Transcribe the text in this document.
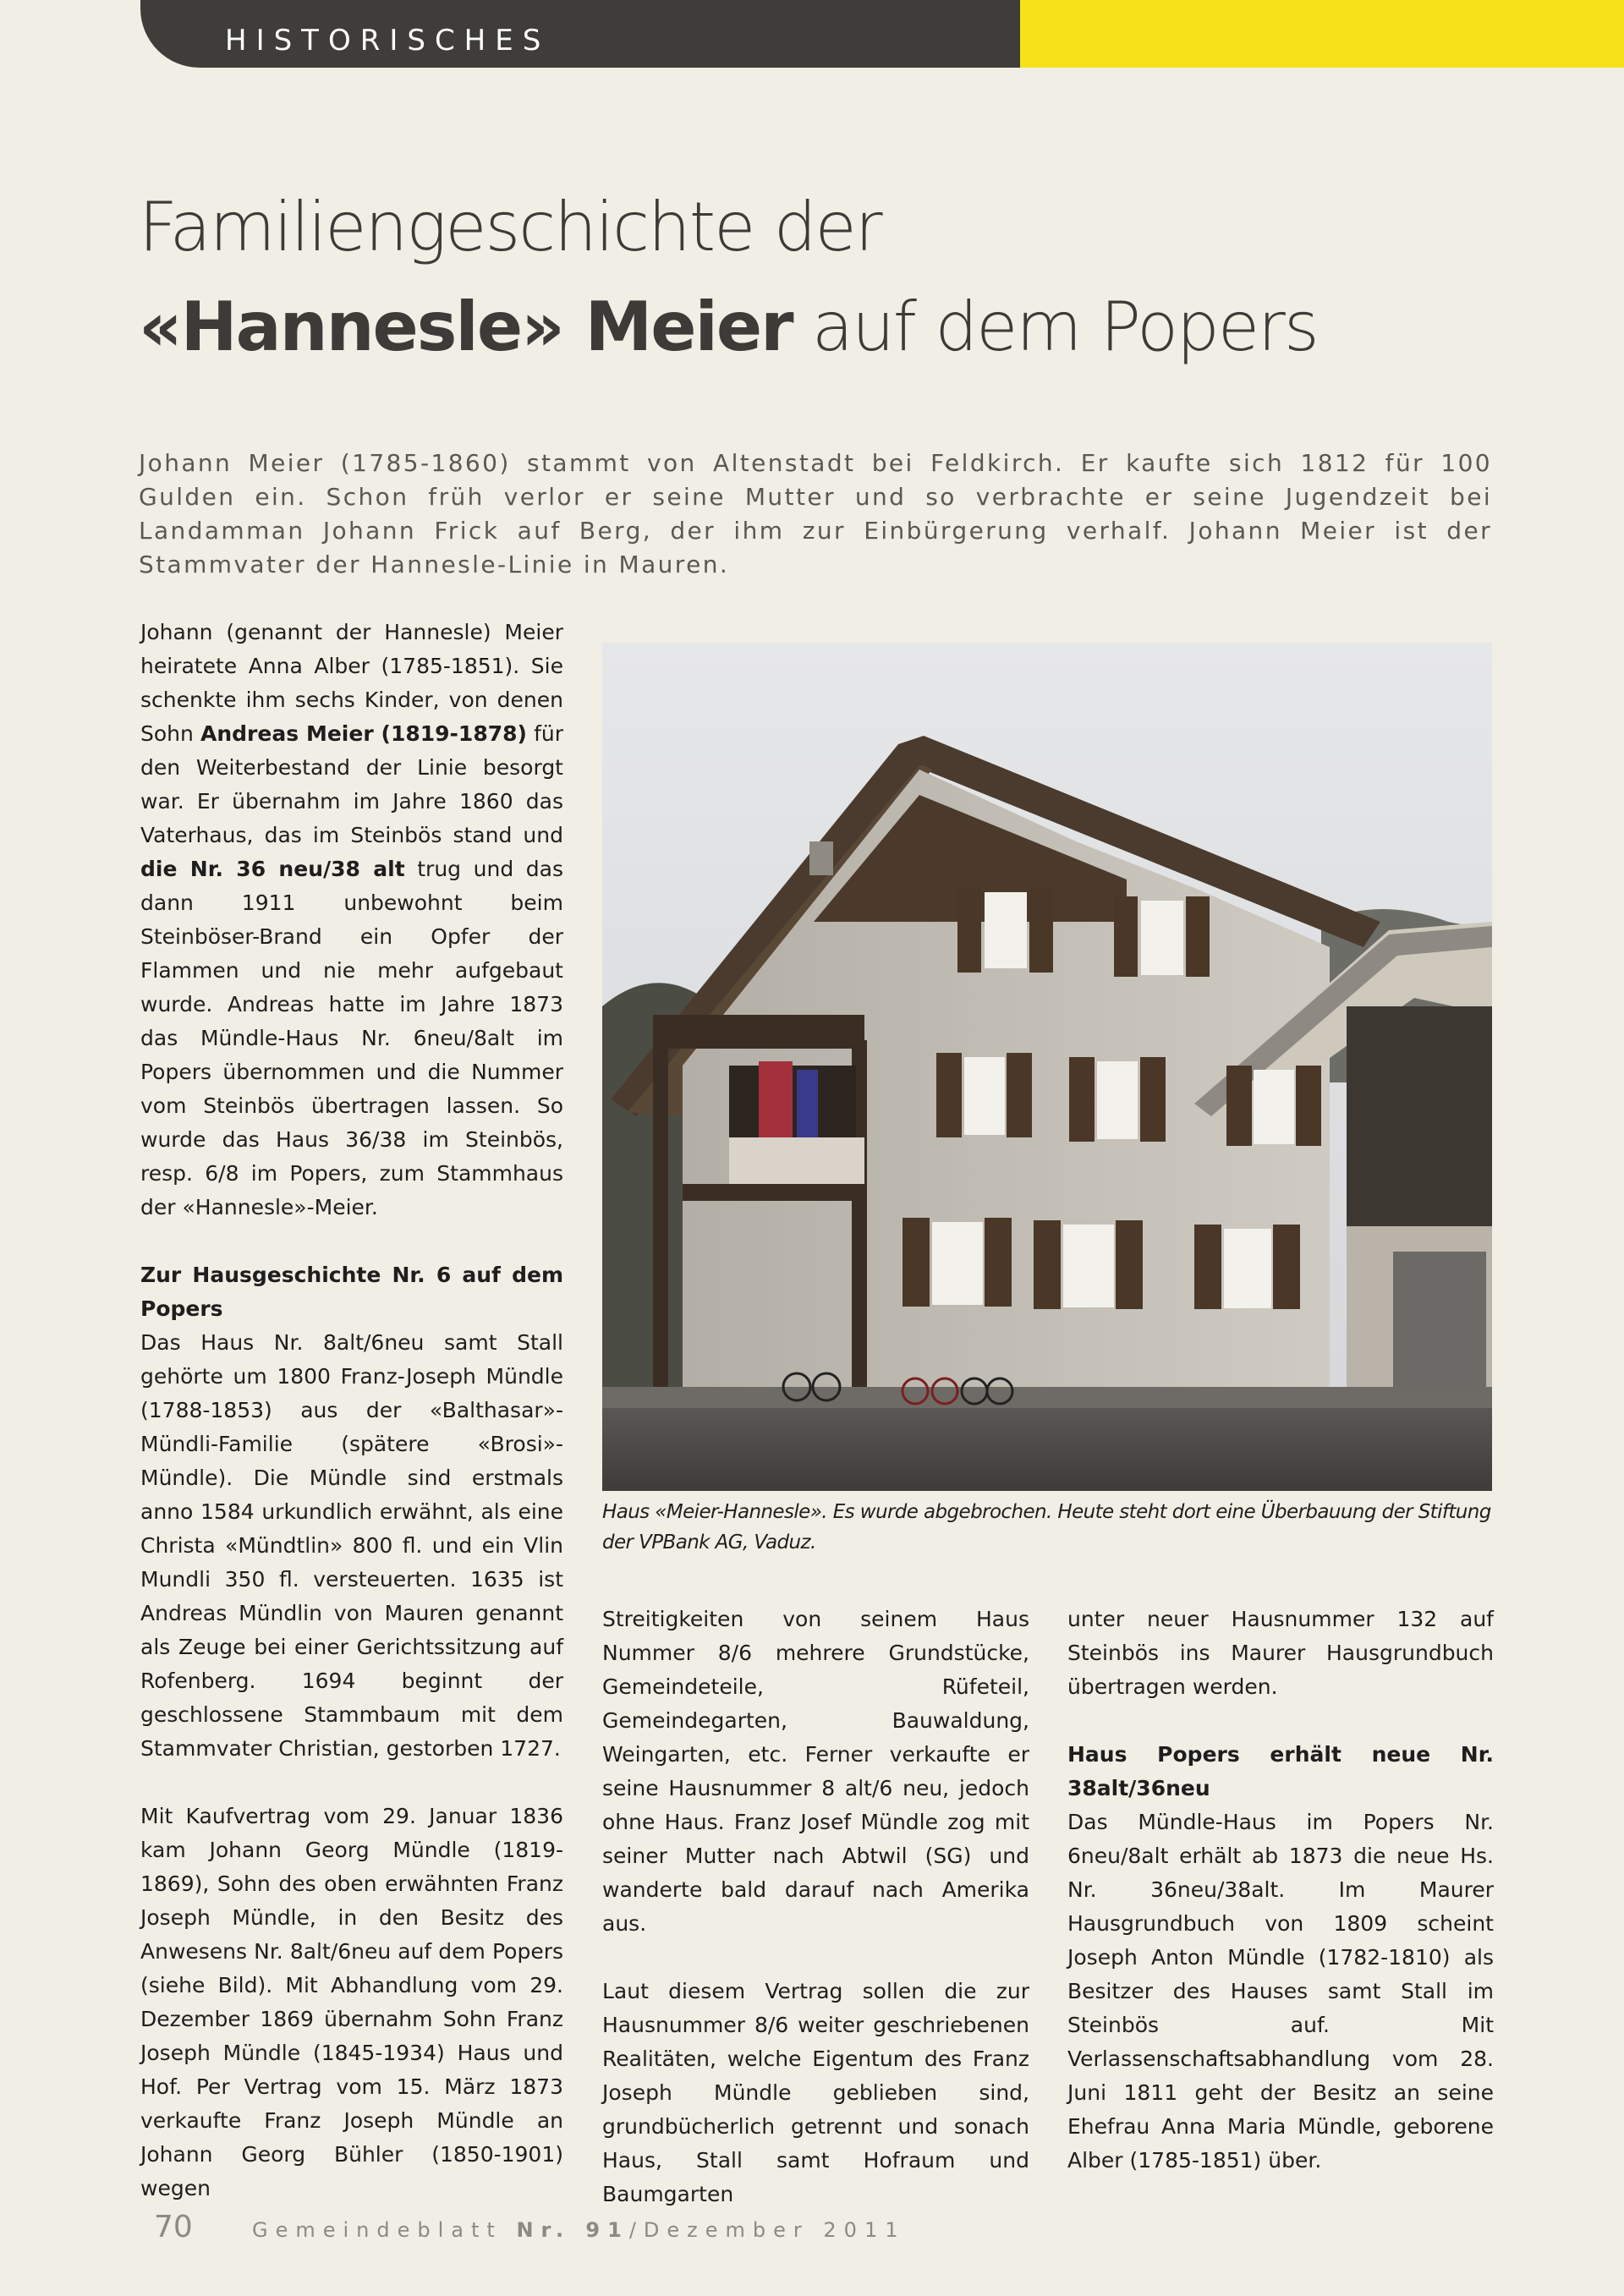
HISTORISCHES
Familiengeschichte der
«Hannesle» Meier auf dem Popers
Johann Meier (1785-1860) stammt von Altenstadt bei Feldkirch. Er kaufte sich 1812 für 100 Gulden ein. Schon früh verlor er seine Mutter und so verbrachte er seine Jugendzeit bei Landamman Johann Frick auf Berg, der ihm zur Einbürgerung verhalf. Johann Meier ist der Stammvater der Hannesle-Linie in Mauren.

Johann (genannt der Hannesle) Meier heiratete Anna Alber (1785-1851). Sie schenkte ihm sechs Kinder, von denen Sohn Andreas Meier (1819-1878) für den Weiterbestand der Linie besorgt war. Er übernahm im Jahre 1860 das Vaterhaus, das im Steinbös stand und die Nr. 36 neu/38 alt trug und das dann 1911 unbewohnt beim Steinböser-Brand ein Opfer der Flammen und nie mehr aufgebaut wurde. Andreas hatte im Jahre 1873 das Mündle-Haus Nr. 6neu/8alt im Popers übernommen und die Nummer vom Steinbös übertragen lassen. So wurde das Haus 36/38 im Steinbös, resp. 6/8 im Popers, zum Stammhaus der «Hannesle»-Meier.

Zur Hausgeschichte Nr. 6 auf dem Popers

Das Haus Nr. 8alt/6neu samt Stall gehörte um 1800 Franz-Joseph Mündle (1788-1853) aus der «Balthasar»-Mündli-Familie (spätere «Brosi»-Mündle). Die Mündle sind erstmals anno 1584 urkundlich erwähnt, als eine Christa «Mündtlin» 800 fl. und ein Vlin Mundli 350 fl. versteuerten. 1635 ist Andreas Mündlin von Mauren genannt als Zeuge bei einer Gerichtssitzung auf Rofenberg. 1694 beginnt der geschlossene Stammbaum mit dem Stammvater Christian, gestorben 1727.

Mit Kaufvertrag vom 29. Januar 1836 kam Johann Georg Mündle (1819-1869), Sohn des oben erwähnten Franz Joseph Mündle, in den Besitz des Anwesens Nr. 8alt/6neu auf dem Popers (siehe Bild). Mit Abhandlung vom 29. Dezember 1869 übernahm Sohn Franz Joseph Mündle (1845-1934) Haus und Hof. Per Vertrag vom 15. März 1873 verkaufte Franz Joseph Mündle an Johann Georg Bühler (1850-1901) wegen

Haus «Meier-Hannesle». Es wurde abgebrochen. Heute steht dort eine Überbauung der Stiftung der VPBank AG, Vaduz.

Streitigkeiten von seinem Haus Nummer 8/6 mehrere Grundstücke, Gemeindeteile, Rüfeteil, Gemeindegarten, Bauwaldung, Weingarten, etc. Ferner verkaufte er seine Hausnummer 8 alt/6 neu, jedoch ohne Haus. Franz Josef Mündle zog mit seiner Mutter nach Abtwil (SG) und wanderte bald darauf nach Amerika aus.

Laut diesem Vertrag sollen die zur Hausnummer 8/6 weiter geschriebenen Realitäten, welche Eigentum des Franz Joseph Mündle geblieben sind, grundbücherlich getrennt und sonach Haus, Stall samt Hofraum und Baumgarten

unter neuer Hausnummer 132 auf Steinbös ins Maurer Hausgrundbuch übertragen werden.

Haus Popers erhält neue Nr. 38alt/36neu

Das Mündle-Haus im Popers Nr. 6neu/8alt erhält ab 1873 die neue Hs. Nr. 36neu/38alt. Im Maurer Hausgrundbuch von 1809 scheint Joseph Anton Mündle (1782-1810) als Besitzer des Hauses samt Stall im Steinbös auf. Mit Verlassenschaftsabhandlung vom 28. Juni 1811 geht der Besitz an seine Ehefrau Anna Maria Mündle, geborene Alber (1785-1851) über.

70	Gemeindeblatt Nr. 91/Dezember 2011
